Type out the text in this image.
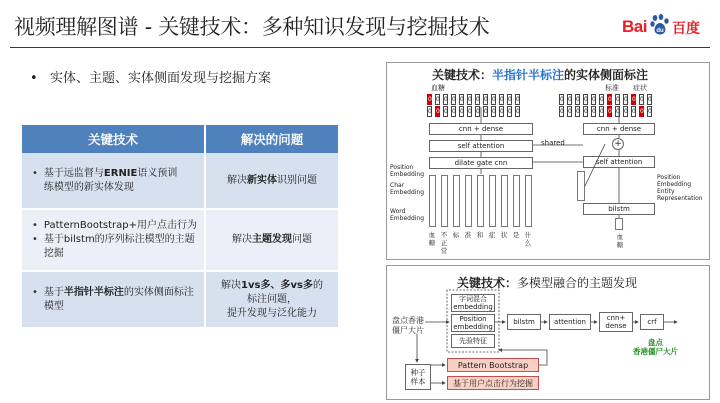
视频理解图谱 - 关键技术：多种知识发现与挖掘技术	Bai du 百度
• 实体、主题、实体侧面发现与挖掘方案
关键技术	解决的问题

• 基于远监督与ERNIE语义预训
练模型的新实体发现	解决新实体识别问题

• PatternBootstrap+用户点击行为
• 基于bilstm的序列标注模型的主题
挖掘	解决主题发现问题

• 基于半指针半标注的实体侧面标注
模型	解决1vs多、多vs多的
标注问题，
提升发现与泛化能力
关键技术：半指针半标注的实体侧面标注
血糖	标准 症状
0 0 0 0 0 0 0 0 0 0 0 0
0 0 0 0 0 0 0 0 0 0 0 0
0 0 0 0 0 0 0 0 0 0 0 0
0 0 0 0 0 0 0 0 0 0 0 0
cnn + dense
self attention
dilate gate cnn
shared
cnn + dense
+
self attention
bilstm
Position
Embedding
Char
Embedding
Word
Embedding
Position
Embedding
Entity
Representation
血
糖
不
正
常
标 准 和 症 状 是 什
么
血糖
关键技术：多模型融合的主题发现
盘点香港
僵尸大片
字词混合
embedding
Position
embedding
先验特征
bilstm	attention	cnn+
dense	crf
盘点
香港僵尸大片
种子
样本
Pattern Bootstrap
基于用户点击行为挖掘
